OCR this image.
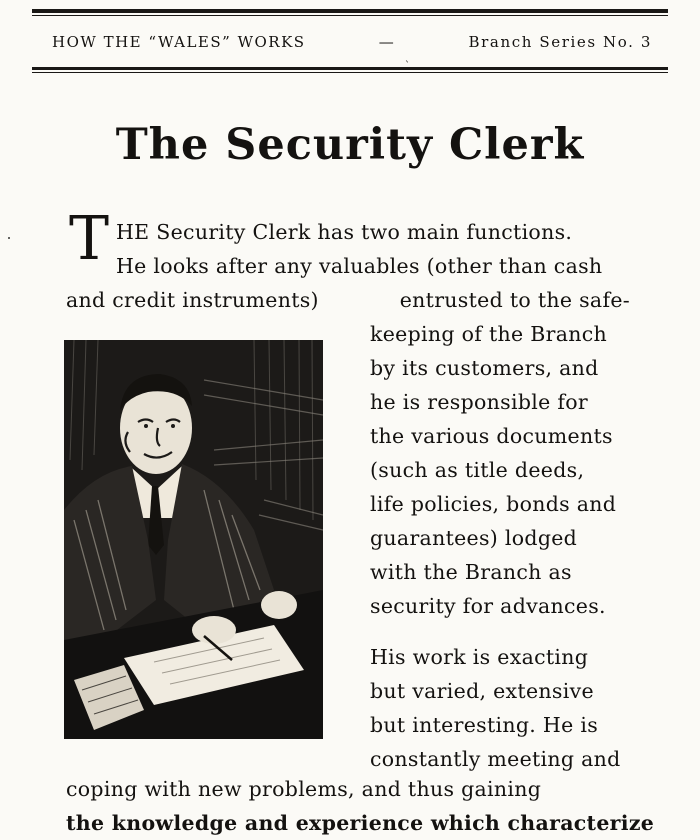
HOW THE “WALES” WORKS	—	Branch Series No. 3
ˋ
The Security Clerk
T HE Security Clerk has two main functions.
He looks after any valuables (other than cash
and credit instruments)	entrusted to the safe-
keeping of the Branch
by its customers, and
he is responsible for
the various documents
(such as title deeds,
life policies, bonds and
guarantees) lodged
with the Branch as
security for advances.
His work is exacting
but varied, extensive
but interesting. He is
constantly meeting and
coping with new problems, and thus gaining
the knowledge and experience which characterize
